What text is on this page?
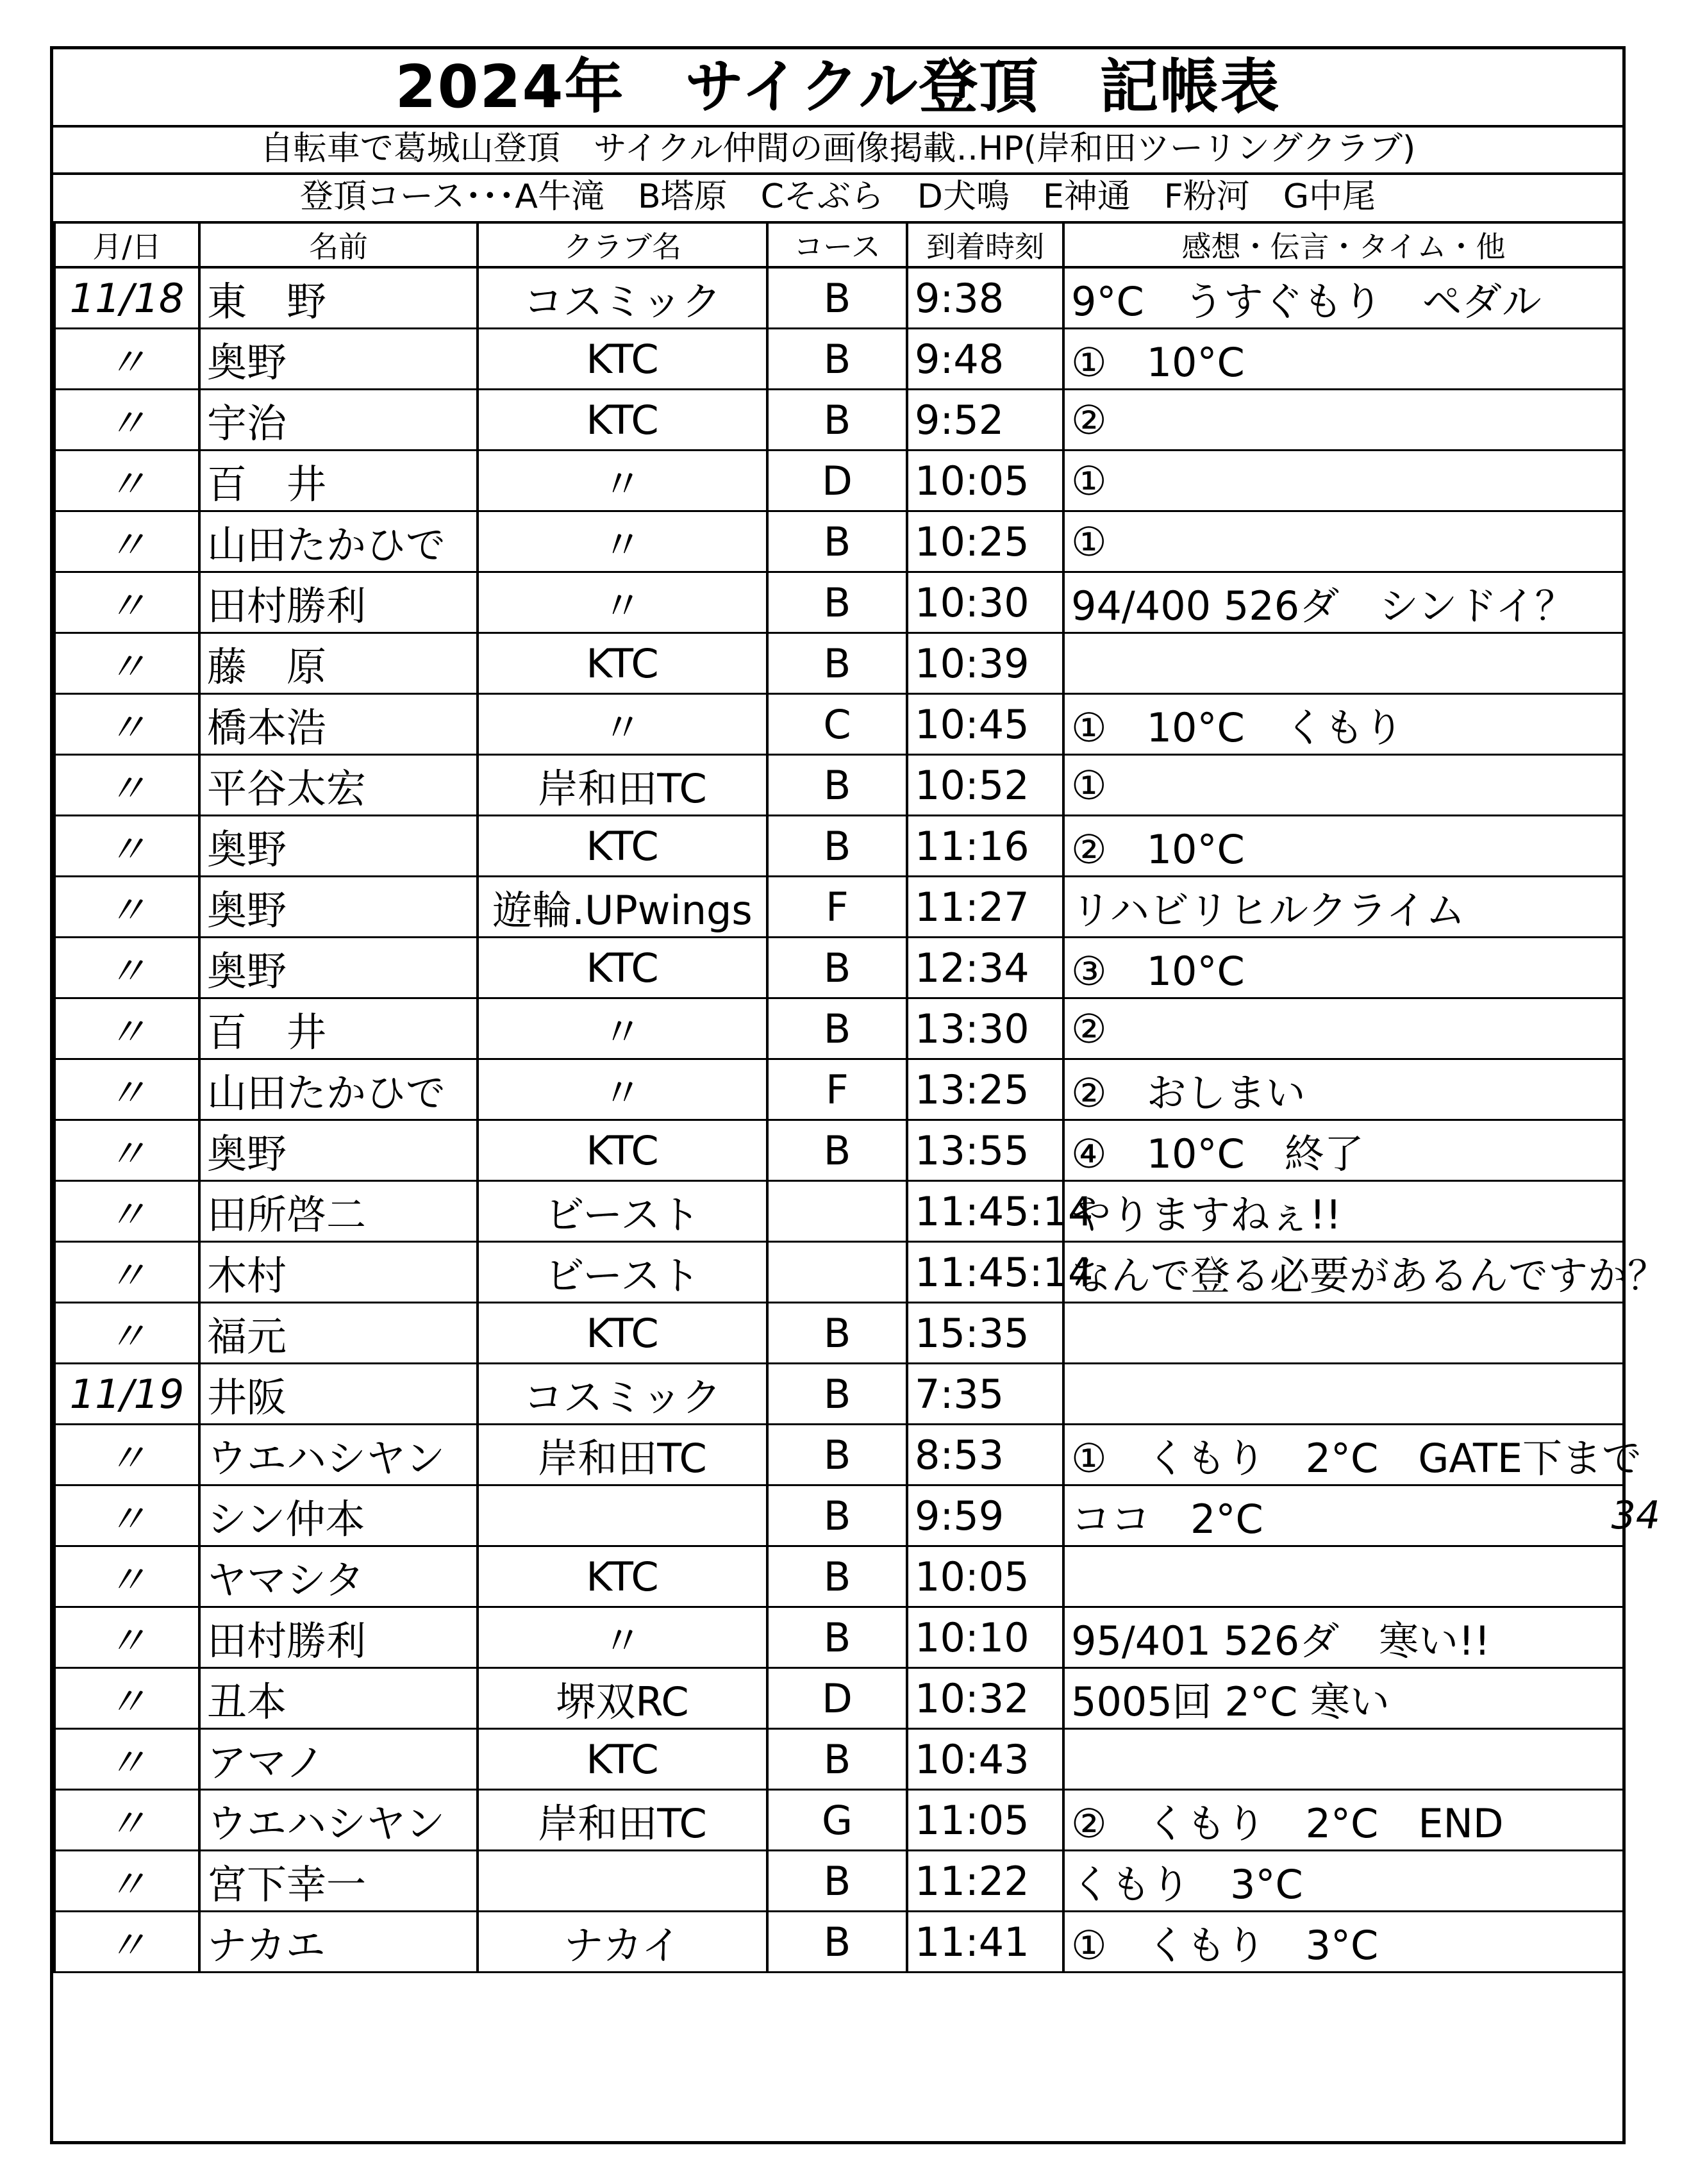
2024年　サイクル登頂　記帳表
自転車で葛城山登頂　サイクル仲間の画像掲載‥HP(岸和田ツーリングクラブ)
登頂コース･･･A牛滝　B塔原　Cそぶら　D犬鳴　E神通　F粉河　G中尾
月/日	名前	クラブ名	コース	到着時刻	感想・伝言・タイム・他
11/18	東　野	コスミック	B	9:38	9°C　うすぐもり　ペダル
〃	奥野	KTC	B	9:48	①　10°C
〃	宇治	KTC	B	9:52	②
〃	百　井	〃	D	10:05	①
〃	山田たかひで	〃	B	10:25	①
〃	田村勝利	〃	B	10:30	94/400 526ダ　シンドイ？
〃	藤　原	KTC	B	10:39	
〃	橋本浩	〃	C	10:45	①　10°C　くもり
〃	平谷太宏	岸和田TC	B	10:52	①
〃	奥野	KTC	B	11:16	②　10°C
〃	奥野	遊輪.UPwings	F	11:27	リハビリヒルクライム
〃	奥野	KTC	B	12:34	③　10°C
〃	百　井	〃	B	13:30	②
〃	山田たかひで	〃	F	13:25	②　おしまい
〃	奥野	KTC	B	13:55	④　10°C　終了
〃	田所啓二	ビースト		11:45:14	やりますねぇ!!
〃	木村	ビースト		11:45:14	なんで登る必要があるんですか？
〃	福元	KTC	B	15:35	
11/19	井阪	コスミック	B	7:35	
〃	ウエハシヤン	岸和田TC	B	8:53	①　くもり　2°C　GATE下まで
〃	シン仲本		B	9:59	ココ　2°C
〃	ヤマシタ	KTC	B	10:05	
〃	田村勝利	〃	B	10:10	95/401 526ダ　寒い!!
〃	丑本	堺双RC	D	10:32	5005回 2°C 寒い
〃	アマノ	KTC	B	10:43	
〃	ウエハシヤン	岸和田TC	G	11:05	②　くもり　2°C　END
〃	宮下幸一		B	11:22	くもり　3°C
〃	ナカエ	ナカイ	B	11:41	①　くもり　3°C
34
